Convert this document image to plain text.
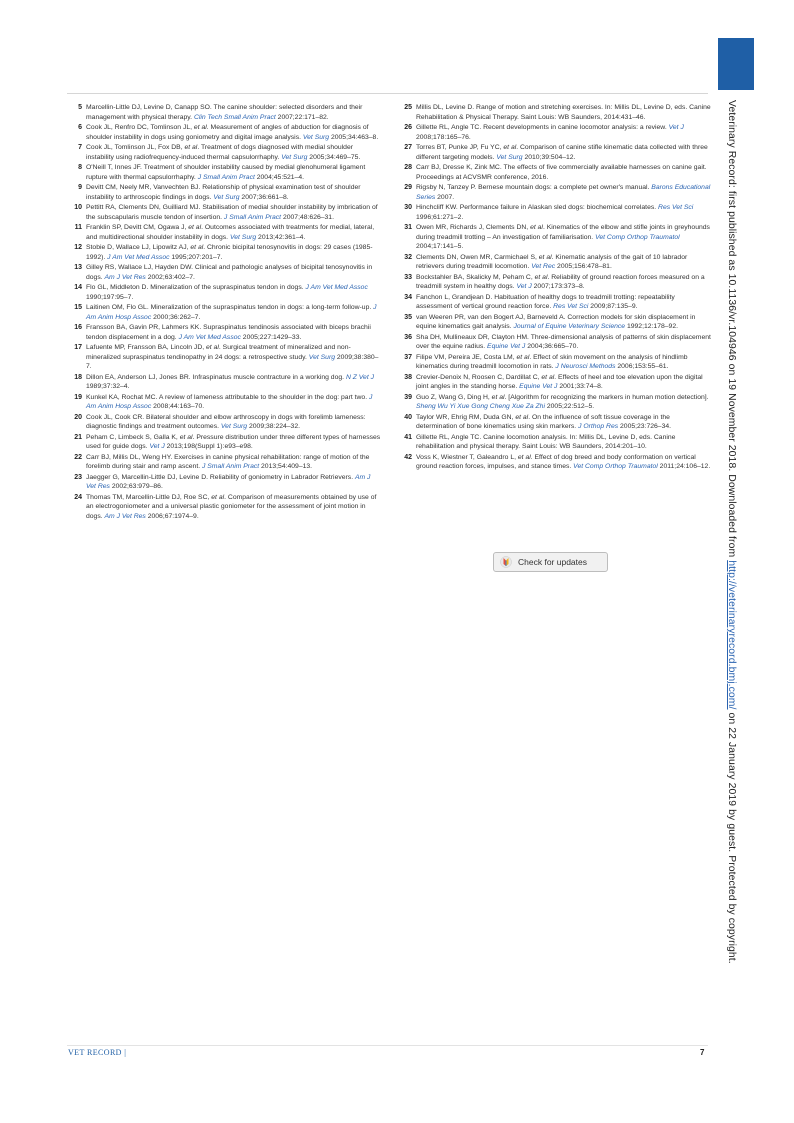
5 Marcellin-Little DJ, Levine D, Canapp SO. The canine shoulder: selected disorders and their management with physical therapy. Clin Tech Small Anim Pract 2007;22:171–82.
6 Cook JL, Renfro DC, Tomlinson JL, et al. Measurement of angles of abduction for diagnosis of shoulder instability in dogs using goniometry and digital image analysis. Vet Surg 2005;34:463–8.
7 Cook JL, Tomlinson JL, Fox DB, et al. Treatment of dogs diagnosed with medial shoulder instability using radiofrequency-induced thermal capsulorrhaphy. Vet Surg 2005;34:469–75.
8 O'Neill T, Innes JF. Treatment of shoulder instability caused by medial glenohumeral ligament rupture with thermal capsulorrhaphy. J Small Anim Pract 2004;45:521–4.
9 Devitt CM, Neely MR, Vanvechten BJ. Relationship of physical examination test of shoulder instability to arthroscopic findings in dogs. Vet Surg 2007;36:661–8.
10 Pettitt RA, Clements DN, Guilliard MJ. Stabilisation of medial shoulder instability by imbrication of the subscapularis muscle tendon of insertion. J Small Anim Pract 2007;48:626–31.
11 Franklin SP, Devitt CM, Ogawa J, et al. Outcomes associated with treatments for medial, lateral, and multidirectional shoulder instability in dogs. Vet Surg 2013;42:361–4.
12 Stobie D, Wallace LJ, Lipowitz AJ, et al. Chronic bicipital tenosynovitis in dogs: 29 cases (1985-1992). J Am Vet Med Assoc 1995;207:201–7.
13 Gilley RS, Wallace LJ, Hayden DW. Clinical and pathologic analyses of bicipital tenosynovitis in dogs. Am J Vet Res 2002;63:402–7.
14 Flo GL, Middleton D. Mineralization of the supraspinatus tendon in dogs. J Am Vet Med Assoc 1990;197:95–7.
15 Laitinen OM, Flo GL. Mineralization of the supraspinatus tendon in dogs: a long-term follow-up. J Am Anim Hosp Assoc 2000;36:262–7.
16 Fransson BA, Gavin PR, Lahmers KK. Supraspinatus tendinosis associated with biceps brachii tendon displacement in a dog. J Am Vet Med Assoc 2005;227:1429–33.
17 Lafuente MP, Fransson BA, Lincoln JD, et al. Surgical treatment of mineralized and non-mineralized supraspinatus tendinopathy in 24 dogs: a retrospective study. Vet Surg 2009;38:380–7.
18 Dillon EA, Anderson LJ, Jones BR. Infraspinatus muscle contracture in a working dog. N Z Vet J 1989;37:32–4.
19 Kunkel KA, Rochat MC. A review of lameness attributable to the shoulder in the dog: part two. J Am Anim Hosp Assoc 2008;44:163–70.
20 Cook JL, Cook CR. Bilateral shoulder and elbow arthroscopy in dogs with forelimb lameness: diagnostic findings and treatment outcomes. Vet Surg 2009;38:224–32.
21 Peham C, Limbeck S, Galla K, et al. Pressure distribution under three different types of harnesses used for guide dogs. Vet J 2013;198(Suppl 1):e93–e98.
22 Carr BJ, Millis DL, Weng HY. Exercises in canine physical rehabilitation: range of motion of the forelimb during stair and ramp ascent. J Small Anim Pract 2013;54:409–13.
23 Jaegger G, Marcellin-Little DJ, Levine D. Reliability of goniometry in Labrador Retrievers. Am J Vet Res 2002;63:979–86.
24 Thomas TM, Marcellin-Little DJ, Roe SC, et al. Comparison of measurements obtained by use of an electrogoniometer and a universal plastic goniometer for the assessment of joint motion in dogs. Am J Vet Res 2006;67:1974–9.
25 Millis DL, Levine D. Range of motion and stretching exercises. In: Millis DL, Levine D, eds. Canine Rehabilitation & Physical Therapy. Saint Louis: WB Saunders, 2014:431–46.
26 Gillette RL, Angle TC. Recent developments in canine locomotor analysis: a review. Vet J 2008;178:165–76.
27 Torres BT, Punke JP, Fu YC, et al. Comparison of canine stifle kinematic data collected with three different targeting models. Vet Surg 2010;39:504–12.
28 Carr BJ, Dresse K, Zink MC. The effects of five commercially available harnesses on canine gait. Proceedings at ACVSMR conference, 2016.
29 Rigsby N, Tanzey P. Bernese mountain dogs: a complete pet owner's manual. Barons Educational Series 2007.
30 Hinchcliff KW. Performance failure in Alaskan sled dogs: biochemical correlates. Res Vet Sci 1996;61:271–2.
31 Owen MR, Richards J, Clements DN, et al. Kinematics of the elbow and stifle joints in greyhounds during treadmill trotting – An investigation of familiarisation. Vet Comp Orthop Traumatol 2004;17:141–5.
32 Clements DN, Owen MR, Carmichael S, et al. Kinematic analysis of the gait of 10 labrador retrievers during treadmill locomotion. Vet Rec 2005;156:478–81.
33 Bockstahler BA, Skalicky M, Peham C, et al. Reliability of ground reaction forces measured on a treadmill system in healthy dogs. Vet J 2007;173:373–8.
34 Fanchon L, Grandjean D. Habituation of healthy dogs to treadmill trotting: repeatability assessment of vertical ground reaction force. Res Vet Sci 2009;87:135–9.
35 van Weeren PR, van den Bogert AJ, Barneveld A. Correction models for skin displacement in equine kinematics gait analysis. Journal of Equine Veterinary Science 1992;12:178–92.
36 Sha DH, Mullineaux DR, Clayton HM. Three-dimensional analysis of patterns of skin displacement over the equine radius. Equine Vet J 2004;36:665–70.
37 Filipe VM, Pereira JE, Costa LM, et al. Effect of skin movement on the analysis of hindlimb kinematics during treadmill locomotion in rats. J Neurosci Methods 2006;153:55–61.
38 Crevier-Denoix N, Roosen C, Dardillat C, et al. Effects of heel and toe elevation upon the digital joint angles in the standing horse. Equine Vet J 2001;33:74–8.
39 Guo Z, Wang G, Ding H, et al. [Algorithm for recognizing the markers in human motion detection]. Sheng Wu Yi Xue Gong Cheng Xue Za Zhi 2005;22:512–5.
40 Taylor WR, Ehrig RM, Duda GN, et al. On the influence of soft tissue coverage in the determination of bone kinematics using skin markers. J Orthop Res 2005;23:726–34.
41 Gillette RL, Angle TC. Canine locomotion analysis. In: Millis DL, Levine D, eds. Canine rehabilitation and physical therapy. Saint Louis: WB Saunders, 2014:201–10.
42 Voss K, Wiestner T, Galeandro L, et al. Effect of dog breed and body conformation on vertical ground reaction forces, impulses, and stance times. Vet Comp Orthop Traumatol 2011;24:106–12.
Check for updates
Veterinary Record: first published as 10.1136/vr.104946 on 19 November 2018. Downloaded from http://veterinaryrecord.bmj.com/ on 22 January 2019 by guest. Protected by copyright.
VET RECORD |	7
